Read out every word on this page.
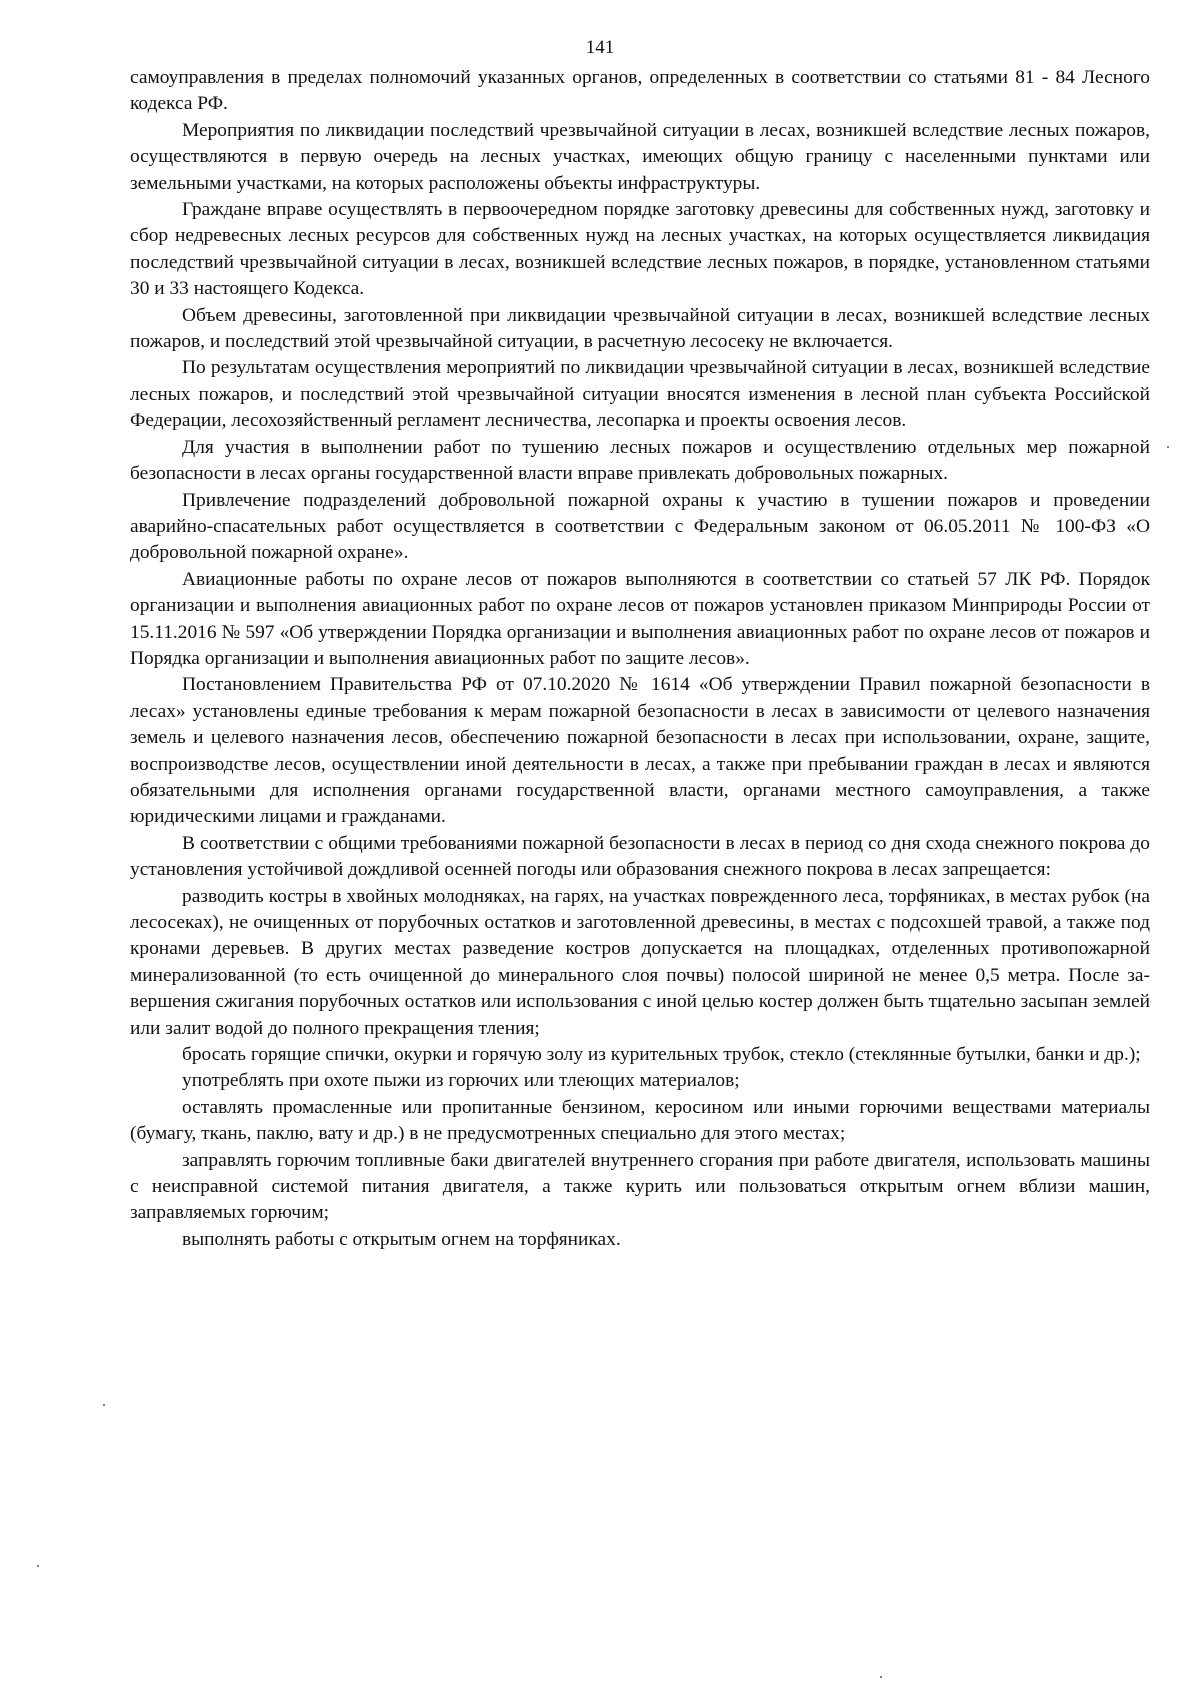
141

самоуправления в пределах полномочий указанных органов, определенных в соответствии со статьями 81 - 84 Лесного кодекса РФ.

Мероприятия по ликвидации последствий чрезвычайной ситуации в лесах, возникшей вследствие лесных пожаров, осуществляются в первую очередь на лесных участках, имеющих общую границу с населенными пунктами или земельными участками, на которых расположены объекты инфраструктуры.

Граждане вправе осуществлять в первоочередном порядке заготовку древесины для собственных нужд, заготовку и сбор недревесных лесных ресурсов для собственных нужд на лесных участках, на которых осуществляется ликвидация последствий чрезвычайной ситуации в лесах, возникшей вследствие лесных пожаров, в порядке, установленном статьями 30 и 33 настоящего Кодекса.

Объем древесины, заготовленной при ликвидации чрезвычайной ситуации в лесах, возникшей вследствие лесных пожаров, и последствий этой чрезвычайной ситуации, в расчетную лесосеку не включается.

По результатам осуществления мероприятий по ликвидации чрезвычайной ситуации в лесах, возникшей вследствие лесных пожаров, и последствий этой чрезвычайной ситуации вносятся изменения в лесной план субъекта Российской Федерации, лесохозяйственный регламент лесничества, лесопарка и проекты освоения лесов.

Для участия в выполнении работ по тушению лесных пожаров и осуществлению отдельных мер пожарной безопасности в лесах органы государственной власти вправе привлекать добровольных пожарных.

Привлечение подразделений добровольной пожарной охраны к участию в тушении пожаров и проведении аварийно-спасательных работ осуществляется в соответствии с Федеральным законом от 06.05.2011 № 100-ФЗ «О добровольной пожарной охране».

Авиационные работы по охране лесов от пожаров выполняются в соответствии со статьей 57 ЛК РФ. Порядок организации и выполнения авиационных работ по охране лесов от пожаров установлен приказом Минприроды России от 15.11.2016 № 597 «Об утверждении Порядка организации и выполнения авиационных работ по охране лесов от пожаров и Порядка организации и выполнения авиационных работ по защите лесов».

Постановлением Правительства РФ от 07.10.2020 № 1614 «Об утверждении Правил пожарной безопасности в лесах» установлены единые требования к мерам пожарной безопасности в лесах в зависимости от целевого назначения земель и целевого назначения лесов, обеспечению пожарной безопасности в лесах при использовании, охране, защите, воспроизводстве лесов, осуществлении иной деятельности в лесах, а также при пребывании граждан в лесах и являются обязательными для исполнения органами государственной власти, органами местного самоуправления, а также юридическими лицами и гражданами.

В соответствии с общими требованиями пожарной безопасности в лесах в период со дня схода снежного покрова до установления устойчивой дождливой осенней погоды или образования снежного покрова в лесах запрещается:

разводить костры в хвойных молодняках, на гарях, на участках поврежденного леса, торфяниках, в местах рубок (на лесосеках), не очищенных от порубочных остатков и заготовленной древесины, в местах с подсохшей травой, а также под кронами деревьев. В других местах разведение костров допускается на площадках, отделенных противопожарной минерализованной (то есть очищенной до минерального слоя почвы) полосой шириной не менее 0,5 метра. После завершения сжигания порубочных остатков или использования с иной целью костер должен быть тщательно засыпан землей или залит водой до полного прекращения тления;

бросать горящие спички, окурки и горячую золу из курительных трубок, стекло (стеклянные бутылки, банки и др.);

употреблять при охоте пыжи из горючих или тлеющих материалов;

оставлять промасленные или пропитанные бензином, керосином или иными горючими веществами материалы (бумагу, ткань, паклю, вату и др.) в не предусмотренных специально для этого местах;

заправлять горючим топливные баки двигателей внутреннего сгорания при работе двигателя, использовать машины с неисправной системой питания двигателя, а также курить или пользоваться открытым огнем вблизи машин, заправляемых горючим;

выполнять работы с открытым огнем на торфяниках.
